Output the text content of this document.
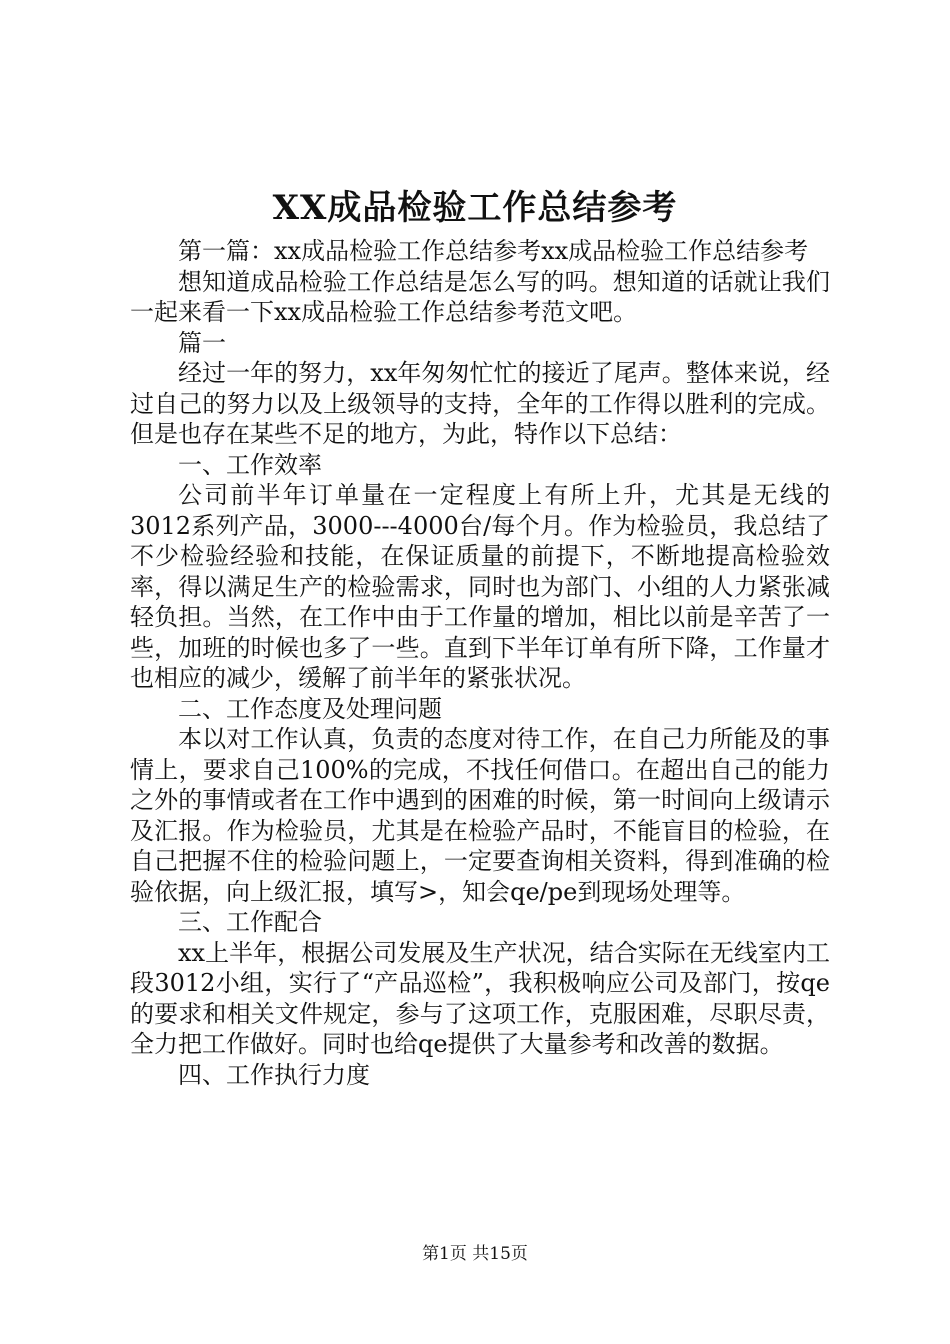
XX成品检验工作总结参考

第一篇：xx成品检验工作总结参考xx成品检验工作总结参考

想知道成品检验工作总结是怎么写的吗。想知道的话就让我们一起来看一下xx成品检验工作总结参考范文吧。

篇一

经过一年的努力，xx年匆匆忙忙的接近了尾声。整体来说，经过自己的努力以及上级领导的支持，全年的工作得以胜利的完成。但是也存在某些不足的地方，为此，特作以下总结：

一、工作效率

公司前半年订单量在一定程度上有所上升，尤其是无线的3012系列产品，3000---4000台/每个月。作为检验员，我总结了不少检验经验和技能，在保证质量的前提下，不断地提高检验效率，得以满足生产的检验需求，同时也为部门、小组的人力紧张减轻负担。当然，在工作中由于工作量的增加，相比以前是辛苦了一些，加班的时候也多了一些。直到下半年订单有所下降，工作量才也相应的减少，缓解了前半年的紧张状况。

二、工作态度及处理问题

本以对工作认真，负责的态度对待工作，在自己力所能及的事情上，要求自己100%的完成，不找任何借口。在超出自己的能力之外的事情或者在工作中遇到的困难的时候，第一时间向上级请示及汇报。作为检验员，尤其是在检验产品时，不能盲目的检验，在自己把握不住的检验问题上，一定要查询相关资料，得到准确的检验依据，向上级汇报，填写>，知会qe/pe到现场处理等。

三、工作配合

xx上半年，根据公司发展及生产状况，结合实际在无线室内工段3012小组，实行了“产品巡检”，我积极响应公司及部门，按qe的要求和相关文件规定，参与了这项工作，克服困难，尽职尽责，全力把工作做好。同时也给qe提供了大量参考和改善的数据。

四、工作执行力度

第1页 共15页
